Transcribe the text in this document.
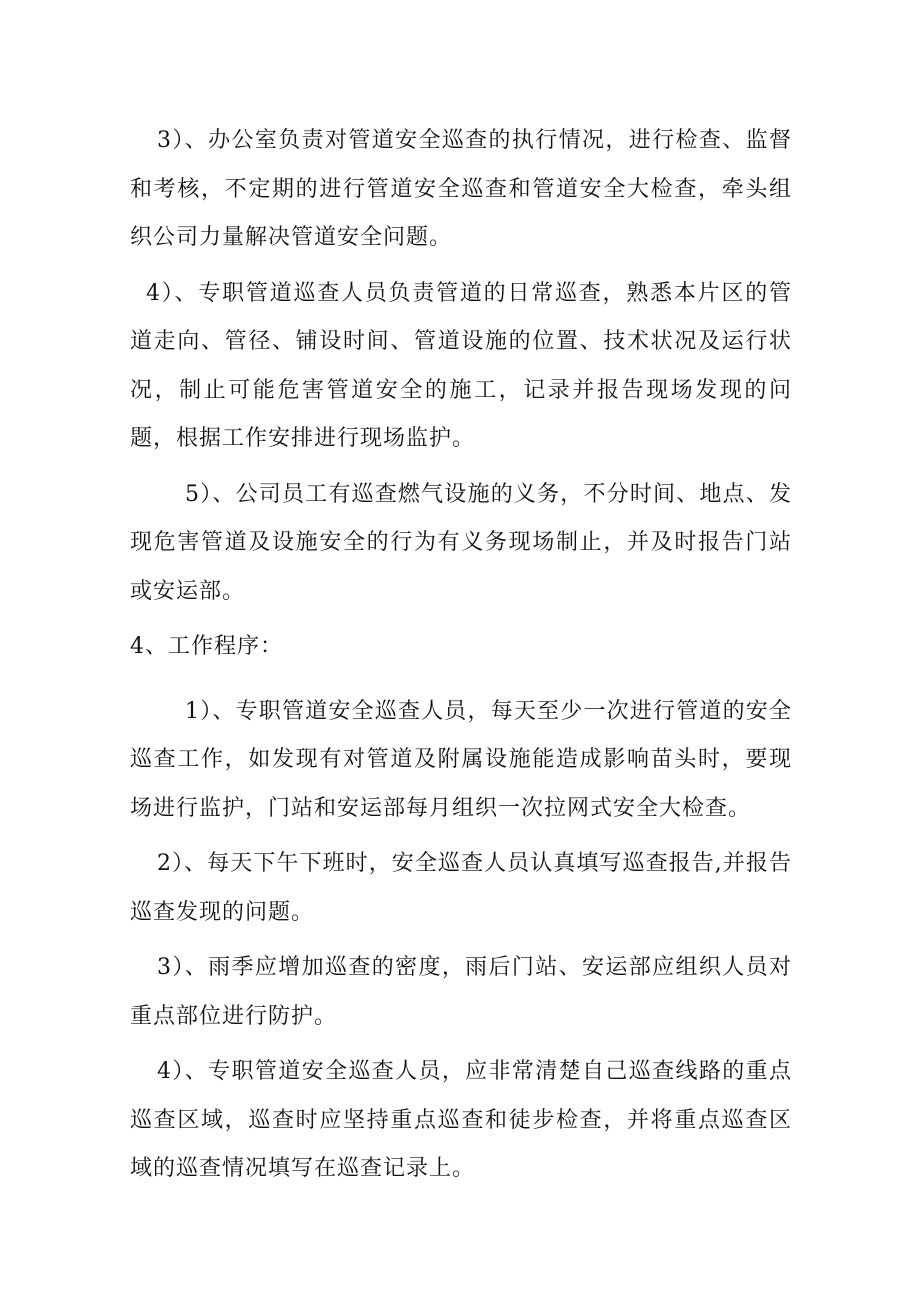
3）、办公室负责对管道安全巡查的执行情况，进行检查、监督和考核，不定期的进行管道安全巡查和管道安全大检查，牵头组织公司力量解决管道安全问题。

4）、专职管道巡查人员负责管道的日常巡查，熟悉本片区的管道走向、管径、铺设时间、管道设施的位置、技术状况及运行状况，制止可能危害管道安全的施工，记录并报告现场发现的问题，根据工作安排进行现场监护。

5）、公司员工有巡查燃气设施的义务，不分时间、地点、发现危害管道及设施安全的行为有义务现场制止，并及时报告门站或安运部。

4、工作程序：

1）、专职管道安全巡查人员，每天至少一次进行管道的安全巡查工作，如发现有对管道及附属设施能造成影响苗头时，要现场进行监护，门站和安运部每月组织一次拉网式安全大检查。

2）、每天下午下班时，安全巡查人员认真填写巡查报告,并报告巡查发现的问题。

3）、雨季应增加巡查的密度，雨后门站、安运部应组织人员对重点部位进行防护。

4）、专职管道安全巡查人员，应非常清楚自己巡查线路的重点巡查区域，巡查时应坚持重点巡查和徒步检查，并将重点巡查区域的巡查情况填写在巡查记录上。
